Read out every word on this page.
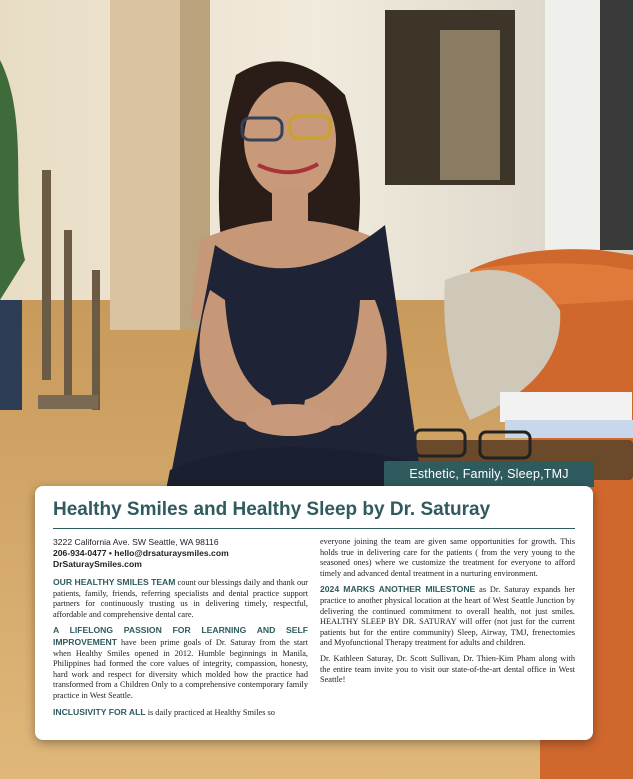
Esthetic, Family, Sleep,TMJ
Healthy Smiles and Healthy Sleep by Dr. Saturay
3222 California Ave. SW Seattle, WA 98116
206-934-0477 • hello@drsaturaysmiles.com
DrSaturaySmiles.com

OUR HEALTHY SMILES TEAM count our blessings daily and thank our patients, family, friends, referring specialists and dental practice support partners for continuously trusting us in delivering timely, respectful, affordable and comprehensive dental care.

A LIFELONG PASSION FOR LEARNING AND SELF IMPROVEMENT have been prime goals of Dr. Saturay from the start when Healthy Smiles opened in 2012. Humble beginnings in Manila, Philippines had formed the core values of integrity, compassion, honesty, hard work and respect for diversity which molded how the practice had transformed from a Children Only to a comprehensive contemporary family practice in West Seattle.

INCLUSIVITY FOR ALL is daily practiced at Healthy Smiles so

everyone joining the team are given same opportunities for growth. This holds true in delivering care for the patients ( from the very young to the seasoned ones) where we customize the treatment for everyone to afford timely and advanced dental treatment in a nurturing environment.

2024 MARKS ANOTHER MILESTONE as Dr. Saturay expands her practice to another physical location at the heart of West Seattle Junction by delivering the continued commitment to overall health, not just smiles. HEALTHY SLEEP BY DR. SATURAY will offer (not just for the current patients but for the entire community) Sleep, Airway, TMJ, frenectomies and Myofunctional Therapy treatment for adults and children.

Dr. Kathleen Saturay, Dr. Scott Sullivan, Dr. Thien-Kim Pham along with the entire team invite you to visit our state-of-the-art dental office in West Seattle!
